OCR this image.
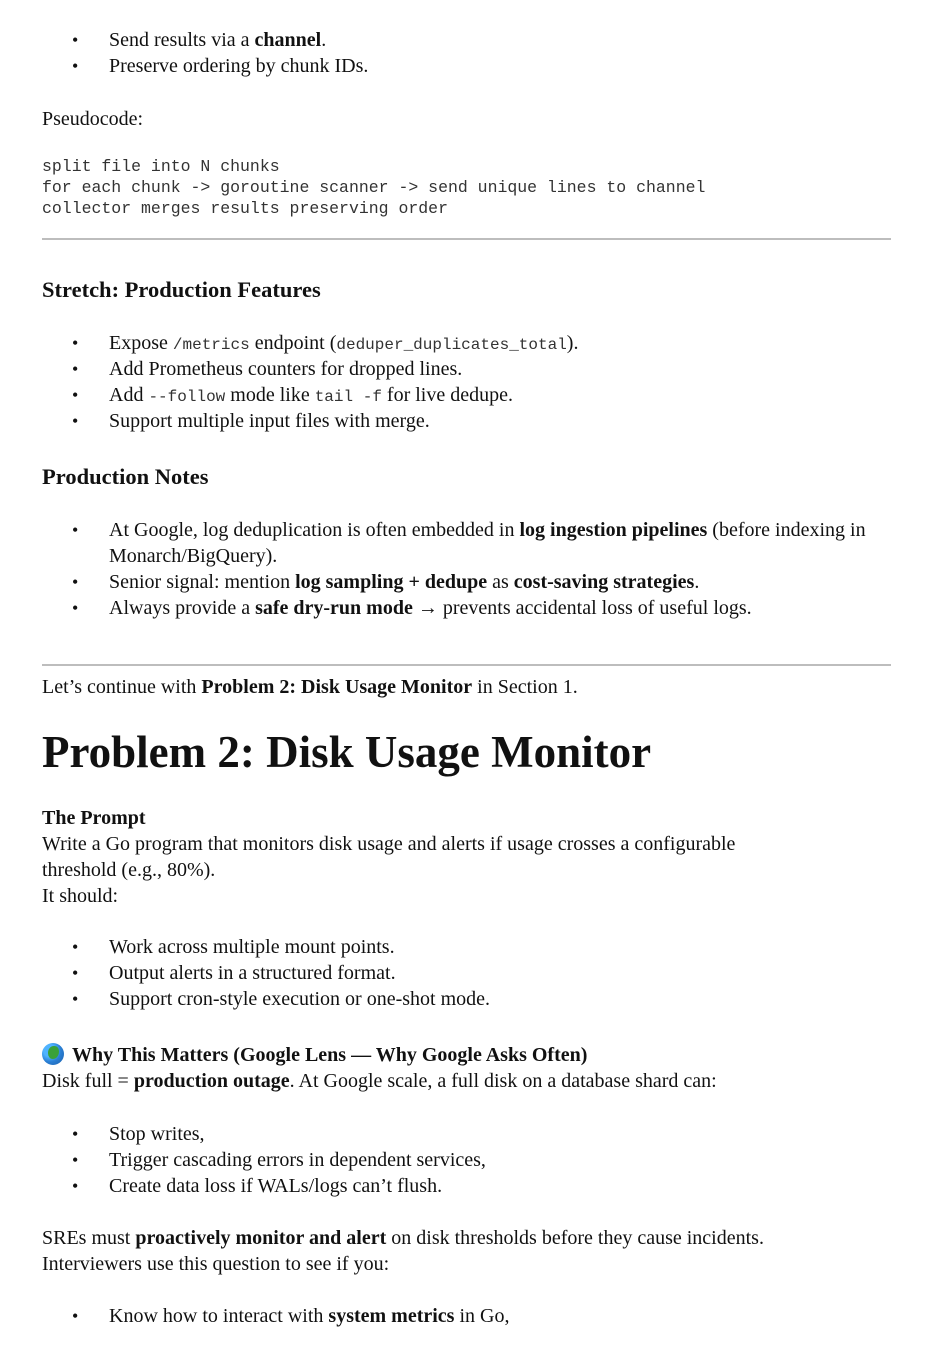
• Send results via a channel.
• Preserve ordering by chunk IDs.
Pseudocode:
split file into N chunks
for each chunk -> goroutine scanner -> send unique lines to channel
collector merges results preserving order
Stretch: Production Features
• Expose /metrics endpoint (deduper_duplicates_total).
• Add Prometheus counters for dropped lines.
• Add --follow mode like tail -f for live dedupe.
• Support multiple input files with merge.
Production Notes
• At Google, log deduplication is often embedded in log ingestion pipelines (before indexing in Monarch/BigQuery).
• Senior signal: mention log sampling + dedupe as cost-saving strategies.
• Always provide a safe dry-run mode → prevents accidental loss of useful logs.
Let’s continue with Problem 2: Disk Usage Monitor in Section 1.
Problem 2: Disk Usage Monitor
The Prompt
Write a Go program that monitors disk usage and alerts if usage crosses a configurable
threshold (e.g., 80%).
It should:
• Work across multiple mount points.
• Output alerts in a structured format.
• Support cron-style execution or one-shot mode.
Why This Matters (Google Lens — Why Google Asks Often)
Disk full = production outage. At Google scale, a full disk on a database shard can:
• Stop writes,
• Trigger cascading errors in dependent services,
• Create data loss if WALs/logs can’t flush.
SREs must proactively monitor and alert on disk thresholds before they cause incidents.
Interviewers use this question to see if you:
• Know how to interact with system metrics in Go,
